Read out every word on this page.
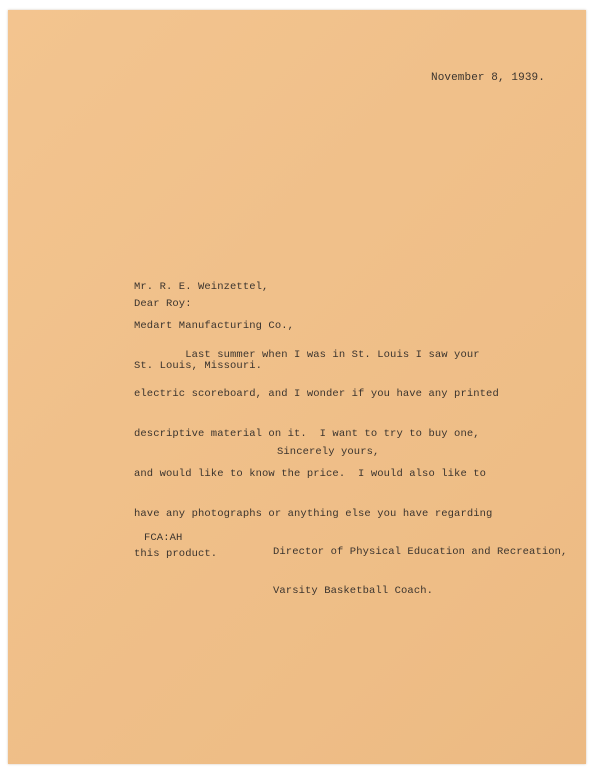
November 8, 1939.

Mr. R. E. Weinzettel,

Medart Manufacturing Co.,

St. Louis, Missouri.

Dear Roy:

Last summer when I was in St. Louis I saw your

electric scoreboard, and I wonder if you have any printed

descriptive material on it.  I want to try to buy one,

and would like to know the price.  I would also like to

have any photographs or anything else you have regarding

this product.

Sincerely yours,
FCA:AH

Director of Physical Education and Recreation,

Varsity Basketball Coach.
